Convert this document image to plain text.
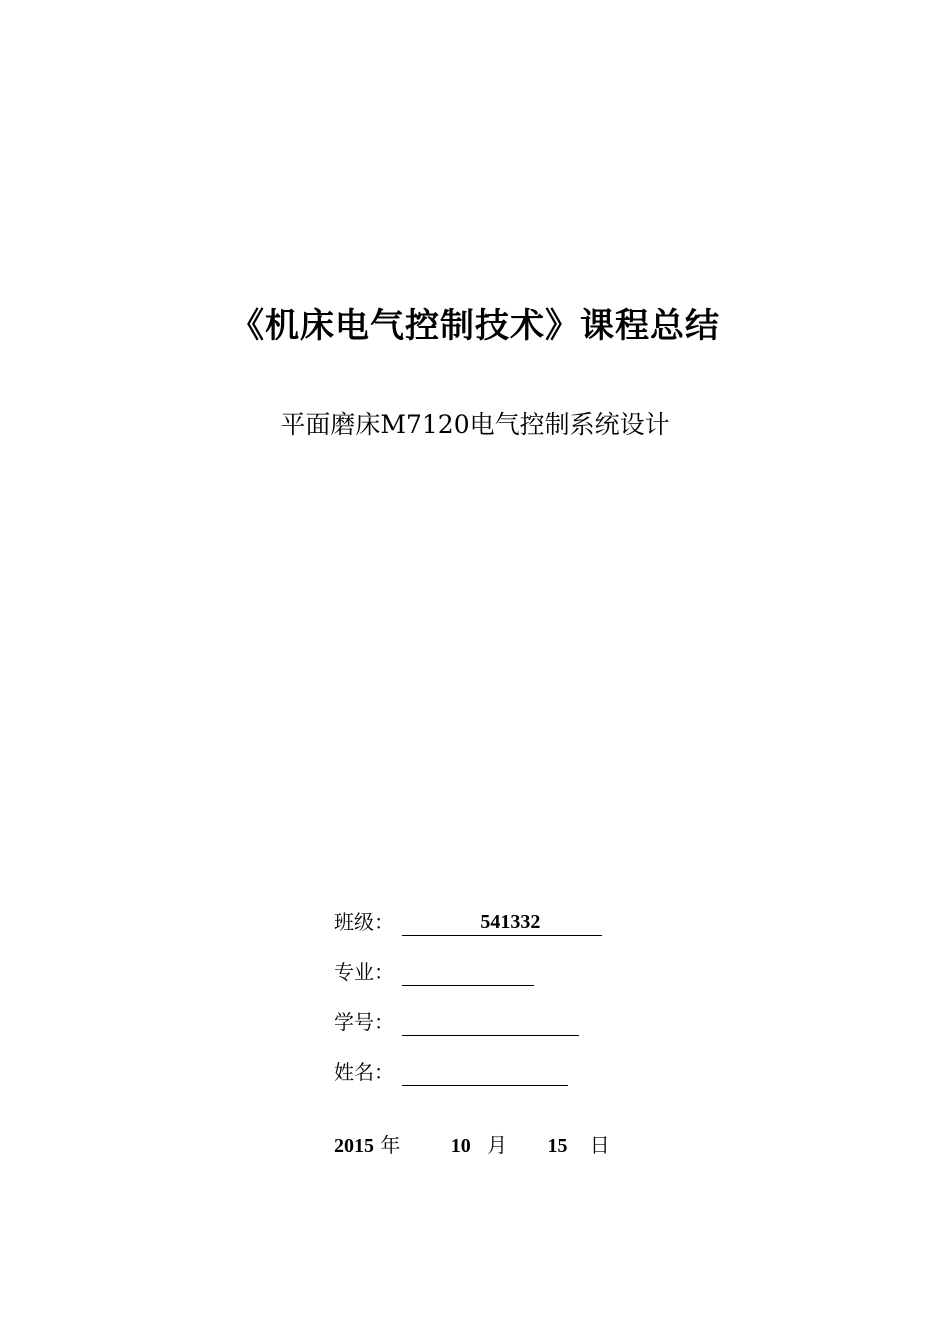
《机床电气控制技术》课程总结
平面磨床M7120电气控制系统设计
班级：	541332
专业：
学号：
姓名：
2015 年	10 月 15 日
